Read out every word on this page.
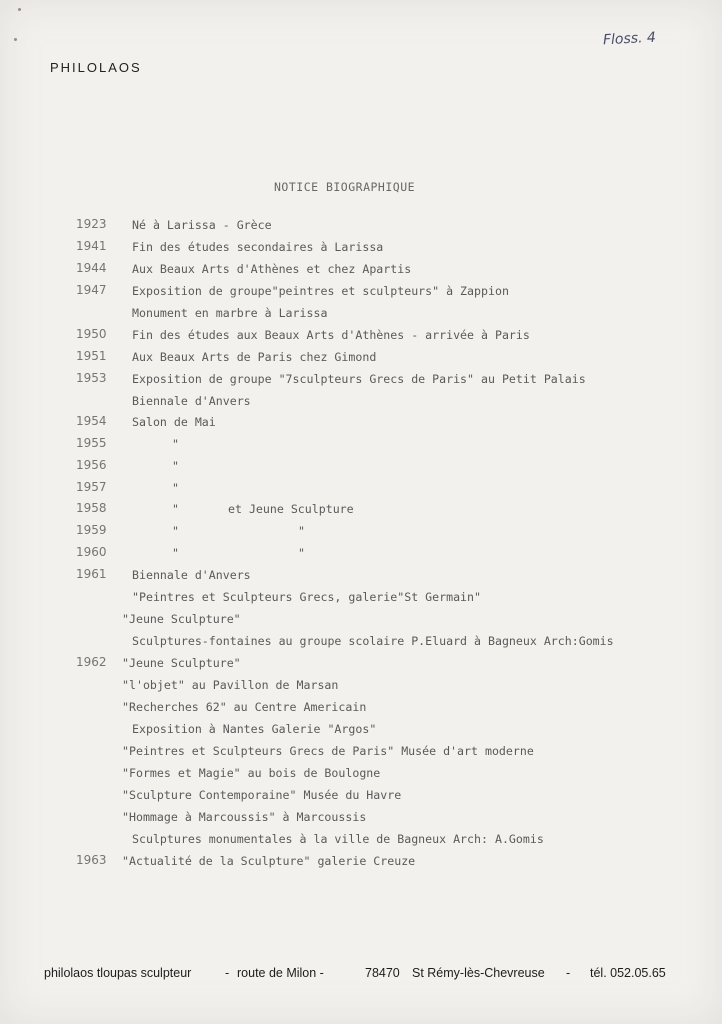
PHILOLAOS
Floss. 4
NOTICE BIOGRAPHIQUE
1923 Né à Larissa - Grèce
1941 Fin des études secondaires à Larissa
1944 Aux Beaux Arts d'Athènes et chez Apartis
1947 Exposition de groupe"peintres et sculpteurs" à Zappion
Monument en marbre à Larissa
1950 Fin des études aux Beaux Arts d'Athènes - arrivée à Paris
1951 Aux Beaux Arts de Paris chez Gimond
1953 Exposition de groupe "7sculpteurs Grecs de Paris" au Petit Palais
Biennale d'Anvers
1954 Salon de Mai
1955	"
1956	"
1957	"
1958	"	et Jeune Sculpture
1959	"	"
1960	"	"
1961 Biennale d'Anvers
"Peintres et Sculpteurs Grecs, galerie"St Germain"
"Jeune Sculpture"
Sculptures-fontaines au groupe scolaire P.Eluard à Bagneux Arch:Gomis
1962 "Jeune Sculpture"
"l'objet" au Pavillon de Marsan
"Recherches 62" au Centre Americain
Exposition à Nantes Galerie "Argos"
"Peintres et Sculpteurs Grecs de Paris" Musée d'art moderne
"Formes et Magie" au bois de Boulogne
"Sculpture Contemporaine" Musée du Havre
"Hommage à Marcoussis" à Marcoussis
Sculptures monumentales à la ville de Bagneux Arch: A.Gomis
1963 "Actualité de la Sculpture" galerie Creuze
philolaos tloupas sculpteur	- route de Milon -	78470 St Rémy-lès-Chevreuse - tél. 052.05.65
